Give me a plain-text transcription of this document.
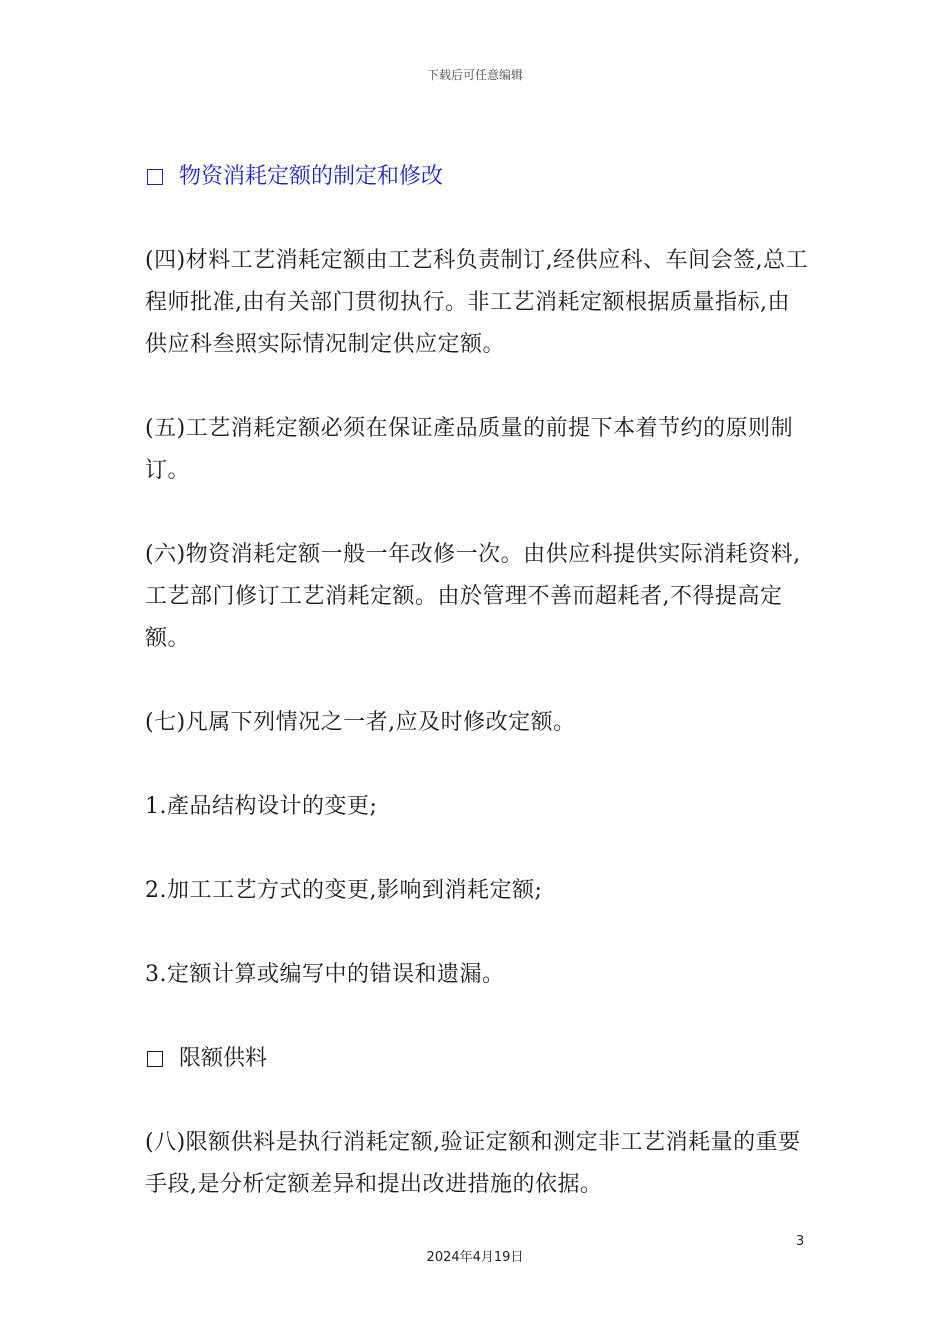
下载后可任意编辑
物资消耗定额的制定和修改

(四)材料工艺消耗定额由工艺科负责制订,经供应科、车间会签,总工程师批准,由有关部门贯彻执行。非工艺消耗定额根据质量指标,由供应科叁照实际情况制定供应定额。

(五)工艺消耗定额必须在保证產品质量的前提下本着节约的原则制订。

(六)物资消耗定额一般一年改修一次。由供应科提供实际消耗资料,工艺部门修订工艺消耗定额。由於管理不善而超耗者,不得提高定额。

(七)凡属下列情况之一者,应及时修改定额。

1.產品结构设计的变更;

2.加工工艺方式的变更,影响到消耗定额;

3.定额计算或编写中的错误和遗漏。

限额供料

(八)限额供料是执行消耗定额,验证定额和测定非工艺消耗量的重要手段,是分析定额差异和提出改进措施的依据。

3
2024年4月19日
